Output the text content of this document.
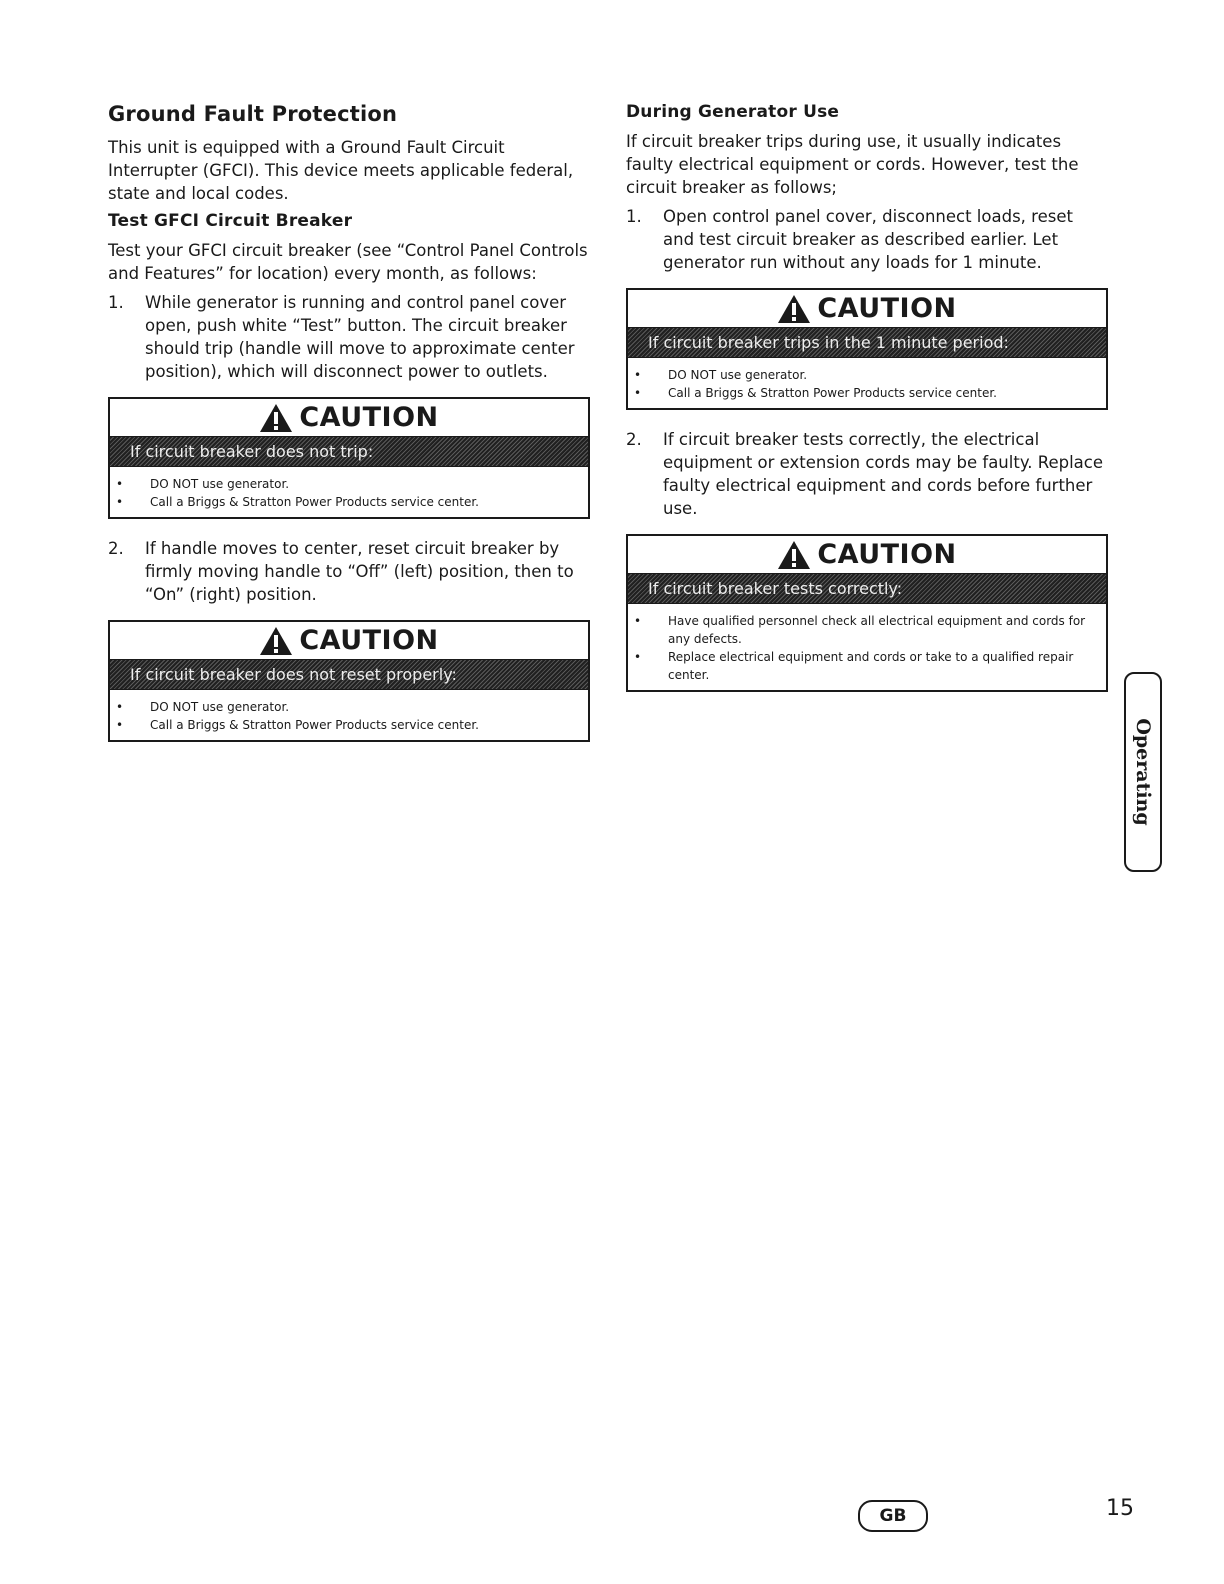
Ground Fault Protection

This unit is equipped with a Ground Fault Circuit Interrupter (GFCI). This device meets applicable federal, state and local codes.

Test GFCI Circuit Breaker

Test your GFCI circuit breaker (see “Control Panel Controls and Features” for location) every month, as follows:

1.	While generator is running and control panel cover open, push white “Test” button. The circuit breaker should trip (handle will move to approximate center position), which will disconnect power to outlets.
CAUTION
If circuit breaker does not trip:
•	DO NOT use generator.
•	Call a Briggs & Stratton Power Products service center.
2.	If handle moves to center, reset circuit breaker by firmly moving handle to “Off” (left) position, then to “On” (right) position.
CAUTION
If circuit breaker does not reset properly:
•	DO NOT use generator.
•	Call a Briggs & Stratton Power Products service center.
During Generator Use

If circuit breaker trips during use, it usually indicates faulty electrical equipment or cords. However, test the circuit breaker as follows;

1.	Open control panel cover, disconnect loads, reset and test circuit breaker as described earlier. Let generator run without any loads for 1 minute.
CAUTION
If circuit breaker trips in the 1 minute period:
•	DO NOT use generator.
•	Call a Briggs & Stratton Power Products service center.
2.	If circuit breaker tests correctly, the electrical equipment or extension cords may be faulty. Replace faulty electrical equipment and cords before further use.
CAUTION
If circuit breaker tests correctly:
•	Have qualified personnel check all electrical equipment and cords for any defects.
•	Replace electrical equipment and cords or take to a qualified repair center.
Operating
GB	15
